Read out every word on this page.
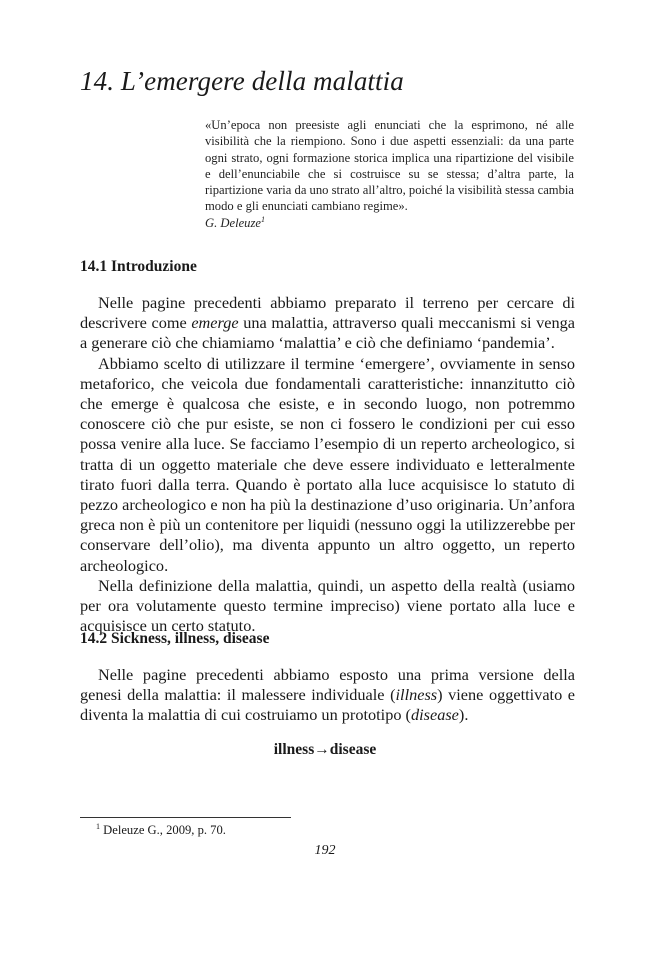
14. L’emergere della malattia

«Un’epoca non preesiste agli enunciati che la esprimono, né alle visibilità che la riempiono. Sono i due aspetti essenziali: da una parte ogni strato, ogni formazione storica implica una ripartizione del visibile e dell’enunciabile che si costruisce su se stessa; d’altra parte, la ripartizione varia da uno strato all’altro, poiché la visibilità stessa cambia modo e gli enunciati cambiano regime».

G. Deleuze$^1$

14.1 Introduzione

Nelle pagine precedenti abbiamo preparato il terreno per cercare di descrivere come emerge una malattia, attraverso quali meccanismi si venga a generare ciò che chiamiamo ‘malattia’ e ciò che definiamo ‘pandemia’.

Abbiamo scelto di utilizzare il termine ‘emergere’, ovviamente in senso metaforico, che veicola due fondamentali caratteristiche: innanzitutto ciò che emerge è qualcosa che esiste, e in secondo luogo, non potremmo conoscere ciò che pur esiste, se non ci fossero le condizioni per cui esso possa venire alla luce. Se facciamo l’esempio di un reperto archeologico, si tratta di un oggetto materiale che deve essere individuato e letteralmente tirato fuori dalla terra. Quando è portato alla luce acquisisce lo statuto di pezzo archeologico e non ha più la destinazione d’uso originaria. Un’anfora greca non è più un contenitore per liquidi (nessuno oggi la utilizzerebbe per conservare dell’olio), ma diventa appunto un altro oggetto, un reperto archeologico.

Nella definizione della malattia, quindi, un aspetto della realtà (usiamo per ora volutamente questo termine impreciso) viene portato alla luce e acquisisce un certo statuto.

14.2 Sickness, illness, disease

Nelle pagine precedenti abbiamo esposto una prima versione della genesi della malattia: il malessere individuale (illness) viene oggettivato e diventa la malattia di cui costruiamo un prototipo (disease).

illness→disease
$^1$ Deleuze G., 2009, p. 70.
192
